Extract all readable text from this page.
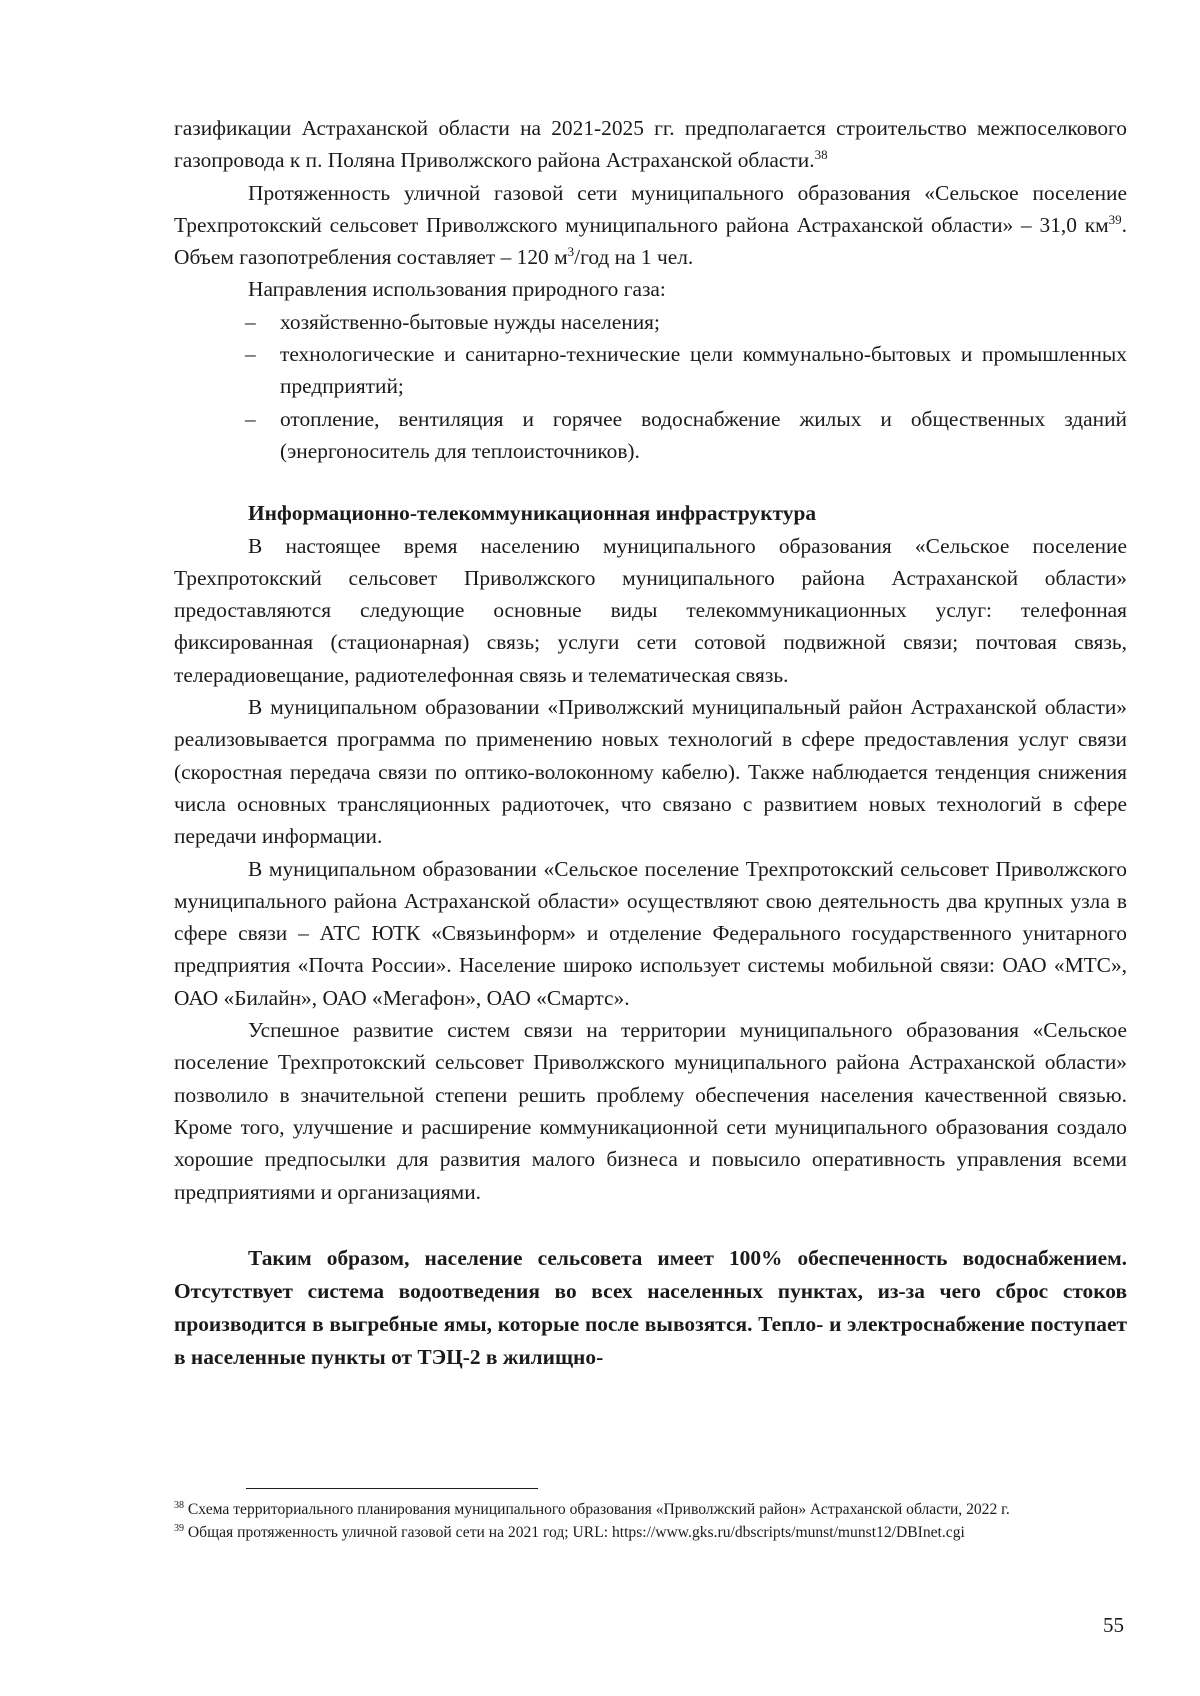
газификации Астраханской области на 2021-2025 гг. предполагается строительство межпоселкового газопровода к п. Поляна Приволжского района Астраханской области.$^{38}$

Протяженность уличной газовой сети муниципального образования «Сельское поселение Трехпротокский сельсовет Приволжского муниципального района Астраханской области» – 31,0 $км^{39}$. Объем газопотребления составляет – 120 $м^3$/год на 1 чел.

Направления использования природного газа:

– хозяйственно-бытовые нужды населения;
– технологические и санитарно-технические цели коммунально-бытовых и промышленных предприятий;
– отопление, вентиляция и горячее водоснабжение жилых и общественных зданий (энергоноситель для теплоисточников).

Информационно-телекоммуникационная инфраструктура

В настоящее время населению муниципального образования «Сельское поселение Трехпротокский сельсовет Приволжского муниципального района Астраханской области» предоставляются следующие основные виды телекоммуникационных услуг: телефонная фиксированная (стационарная) связь; услуги сети сотовой подвижной связи; почтовая связь, телерадиовещание, радиотелефонная связь и телематическая связь.

В муниципальном образовании «Приволжский муниципальный район Астраханской области» реализовывается программа по применению новых технологий в сфере предоставления услуг связи (скоростная передача связи по оптико-волоконному кабелю). Также наблюдается тенденция снижения числа основных трансляционных радиоточек, что связано с развитием новых технологий в сфере передачи информации.

В муниципальном образовании «Сельское поселение Трехпротокский сельсовет Приволжского муниципального района Астраханской области» осуществляют свою деятельность два крупных узла в сфере связи – АТС ЮТК «Связьинформ» и отделение Федерального государственного унитарного предприятия «Почта России». Население широко использует системы мобильной связи: ОАО «МТС», ОАО «Билайн», ОАО «Мегафон», ОАО «Смартс».

Успешное развитие систем связи на территории муниципального образования «Сельское поселение Трехпротокский сельсовет Приволжского муниципального района Астраханской области» позволило в значительной степени решить проблему обеспечения населения качественной связью. Кроме того, улучшение и расширение коммуникационной сети муниципального образования создало хорошие предпосылки для развития малого бизнеса и повысило оперативность управления всеми предприятиями и организациями.

Таким образом, население сельсовета имеет 100% обеспеченность водоснабжением. Отсутствует система водоотведения во всех населенных пунктах, из-за чего сброс стоков производится в выгребные ямы, которые после вывозятся. Тепло- и электроснабжение поступает в населенные пункты от ТЭЦ-2 в жилищно-

$^{38}$ Схема территориального планирования муниципального образования «Приволжский район» Астраханской области, 2022 г.

$^{39}$ Общая протяженность уличной газовой сети на 2021 год; URL: https://www.gks.ru/dbscripts/munst/munst12/DBInet.cgi

55
